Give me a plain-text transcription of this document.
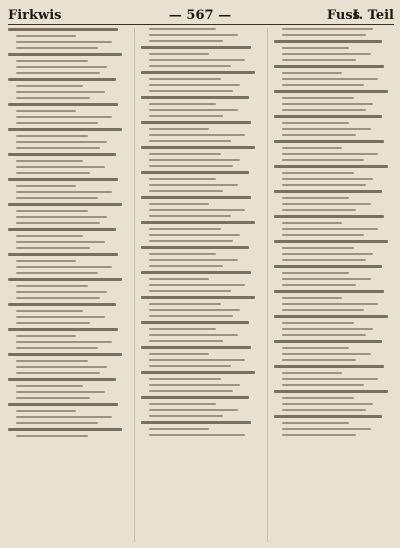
Firkwis	— 567 —	Fuss
I. Teil
